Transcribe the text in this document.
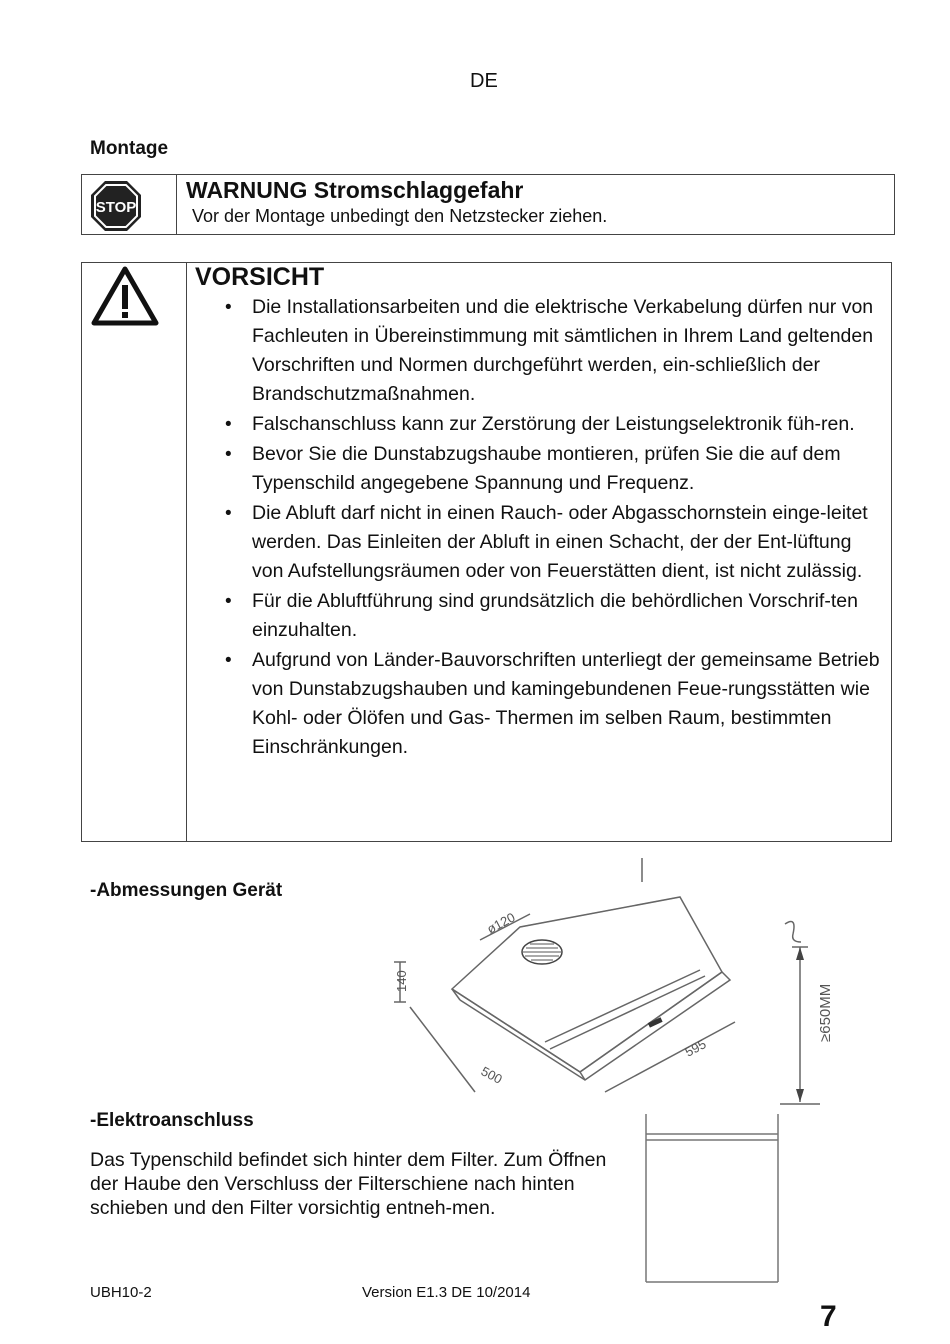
DE
Montage
STOP
WARNUNG Stromschlaggefahr
Vor der Montage unbedingt den Netzstecker ziehen.
VORSICHT
• Die Installationsarbeiten und die elektrische Verkabelung dürfen nur von Fachleuten in Übereinstimmung mit sämtlichen in Ihrem Land geltenden Vorschriften und Normen durchgeführt werden, ein-schließlich der Brandschutzmaßnahmen.
• Falschanschluss kann zur Zerstörung der Leistungselektronik füh-ren.
• Bevor Sie die Dunstabzugshaube montieren, prüfen Sie die auf dem Typenschild angegebene Spannung und Frequenz.
• Die Abluft darf nicht in einen Rauch- oder Abgasschornstein einge-leitet werden. Das Einleiten der Abluft in einen Schacht, der der Ent-lüftung von Aufstellungsräumen oder von Feuerstätten dient, ist nicht zulässig.
• Für die Abluftführung sind grundsätzlich die behördlichen Vorschrif-ten einzuhalten.
• Aufgrund von Länder-Bauvorschriften unterliegt der gemeinsame Betrieb von Dunstabzugshauben und kamingebundenen Feue-rungsstätten wie Kohl- oder Ölöfen und Gas- Thermen im selben Raum, bestimmten Einschränkungen.
-Abmessungen Gerät
ø120
140
500
595
≥650MM
-Elektroanschluss
Das Typenschild befindet sich hinter dem Filter. Zum Öffnen der Haube den Verschluss der Filterschiene nach hinten schieben und den Filter vorsichtig entneh-men.
UBH10-2	Version E1.3 DE 10/2014
7
